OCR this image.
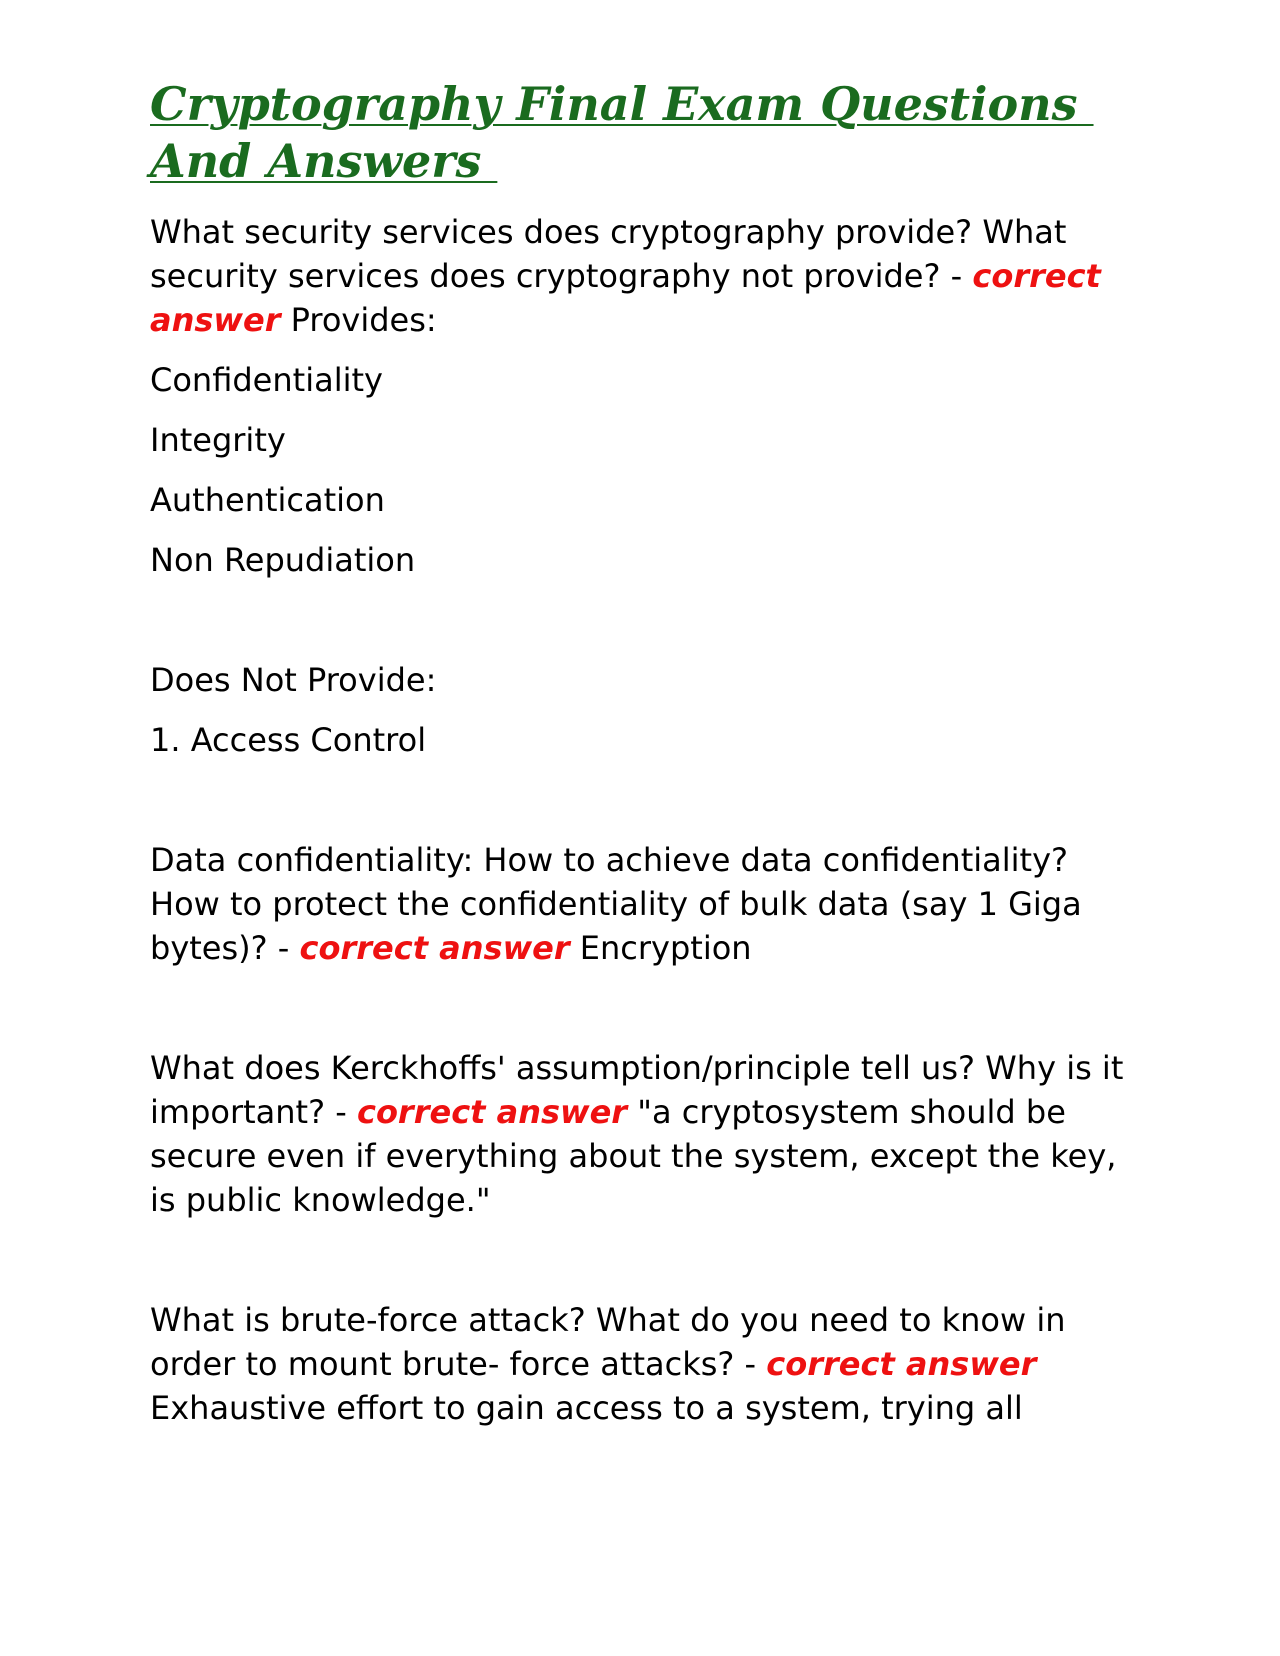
Cryptography Final Exam Questions And Answers

What security services does cryptography provide? What security services does cryptography not provide? - correct answer Provides:

Confidentiality

Integrity

Authentication

Non Repudiation

Does Not Provide:

1. Access Control

Data confidentiality: How to achieve data confidentiality? How to protect the confidentiality of bulk data (say 1 Giga bytes)? - correct answer Encryption

What does Kerckhoffs' assumption/principle tell us? Why is it important? - correct answer "a cryptosystem should be secure even if everything about the system, except the key, is public knowledge."

What is brute-force attack? What do you need to know in order to mount brute- force attacks? - correct answer Exhaustive effort to gain access to a system, trying all
